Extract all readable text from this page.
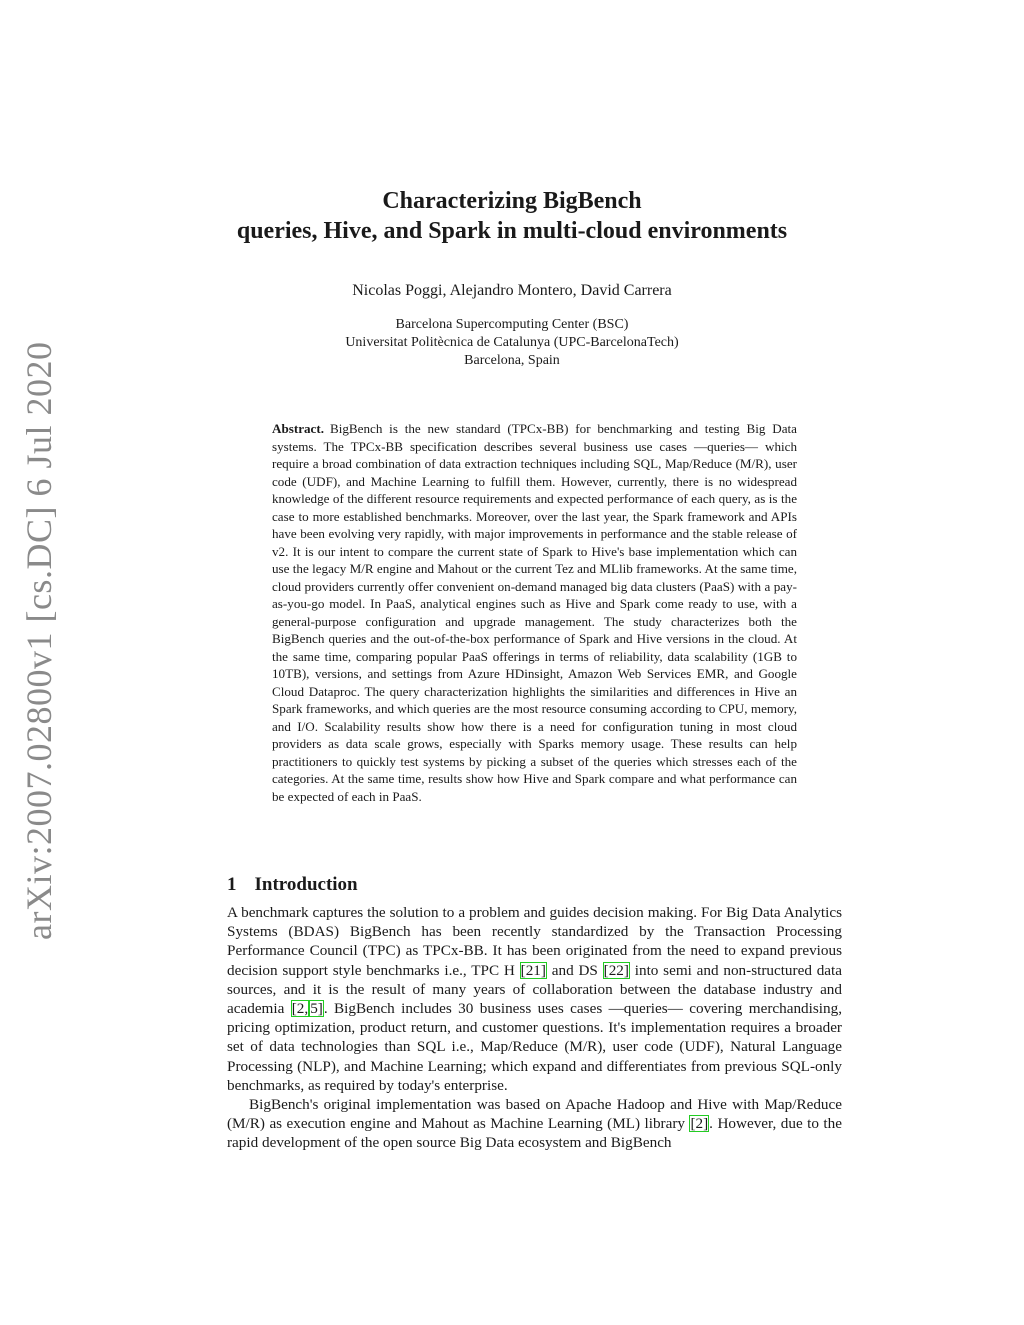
arXiv:2007.02800v1 [cs.DC] 6 Jul 2020
Characterizing BigBench
queries, Hive, and Spark in multi-cloud environments
Nicolas Poggi, Alejandro Montero, David Carrera
Barcelona Supercomputing Center (BSC)
Universitat Politècnica de Catalunya (UPC-BarcelonaTech)
Barcelona, Spain
Abstract. BigBench is the new standard (TPCx-BB) for benchmarking and testing Big Data systems. The TPCx-BB specification describes several business use cases —queries— which require a broad combination of data extraction techniques including SQL, Map/Reduce (M/R), user code (UDF), and Machine Learning to fulfill them. However, currently, there is no widespread knowledge of the different resource requirements and expected performance of each query, as is the case to more established benchmarks. Moreover, over the last year, the Spark framework and APIs have been evolving very rapidly, with major improvements in performance and the stable release of v2. It is our intent to compare the current state of Spark to Hive's base implementation which can use the legacy M/R engine and Mahout or the current Tez and MLlib frameworks. At the same time, cloud providers currently offer convenient on-demand managed big data clusters (PaaS) with a pay-as-you-go model. In PaaS, analytical engines such as Hive and Spark come ready to use, with a general-purpose configuration and upgrade management. The study characterizes both the BigBench queries and the out-of-the-box performance of Spark and Hive versions in the cloud. At the same time, comparing popular PaaS offerings in terms of reliability, data scalability (1GB to 10TB), versions, and settings from Azure HDinsight, Amazon Web Services EMR, and Google Cloud Dataproc. The query characterization highlights the similarities and differences in Hive an Spark frameworks, and which queries are the most resource consuming according to CPU, memory, and I/O. Scalability results show how there is a need for configuration tuning in most cloud providers as data scale grows, especially with Sparks memory usage. These results can help practitioners to quickly test systems by picking a subset of the queries which stresses each of the categories. At the same time, results show how Hive and Spark compare and what performance can be expected of each in PaaS.
1 Introduction

A benchmark captures the solution to a problem and guides decision making. For Big Data Analytics Systems (BDAS) BigBench has been recently standardized by the Transaction Processing Performance Council (TPC) as TPCx-BB. It has been originated from the need to expand previous decision support style benchmarks i.e., TPC H [21] and DS [22] into semi and non-structured data sources, and it is the result of many years of collaboration between the database industry and academia [2, 5]. BigBench includes 30 business uses cases —queries— covering merchandising, pricing optimization, product return, and customer questions. It's implementation requires a broader set of data technologies than SQL i.e., Map/Reduce (M/R), user code (UDF), Natural Language Processing (NLP), and Machine Learning; which expand and differentiates from previous SQL-only benchmarks, as required by today's enterprise.

BigBench's original implementation was based on Apache Hadoop and Hive with Map/Reduce (M/R) as execution engine and Mahout as Machine Learning (ML) library [2]. However, due to the rapid development of the open source Big Data ecosystem and BigBench
